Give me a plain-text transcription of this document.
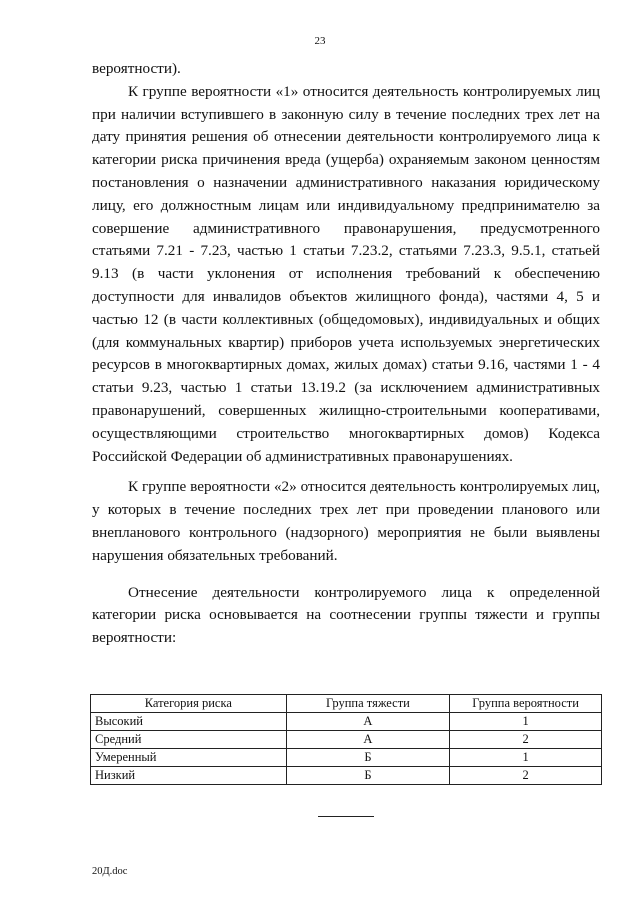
23

вероятности).

К группе вероятности «1» относится деятельность контролируемых лиц при наличии вступившего в законную силу в течение последних трех лет на дату принятия решения об отнесении деятельности контролируемого лица к категории риска причинения вреда (ущерба) охраняемым законом ценностям постановления о назначении административного наказания юридическому лицу, его должностным лицам или индивидуальному предпринимателю за совершение административного правонарушения, предусмотренного статьями 7.21 - 7.23, частью 1 статьи 7.23.2, статьями 7.23.3, 9.5.1, статьей 9.13 (в части уклонения от исполнения требований к обеспечению доступности для инвалидов объектов жилищного фонда), частями 4, 5 и частью 12 (в части коллективных (общедомовых), индивидуальных и общих (для коммунальных квартир) приборов учета используемых энергетических ресурсов в многоквартирных домах, жилых домах) статьи 9.16, частями 1 - 4 статьи 9.23, частью 1 статьи 13.19.2 (за исключением административных правонарушений, совершенных жилищно-строительными кооперативами, осуществляющими строительство многоквартирных домов) Кодекса Российской Федерации об административных правонарушениях.

К группе вероятности «2» относится деятельность контролируемых лиц, у которых в течение последних трех лет при проведении планового или внепланового контрольного (надзорного) мероприятия не были выявлены нарушения обязательных требований.

Отнесение деятельности контролируемого лица к определенной категории риска основывается на соотнесении группы тяжести и группы вероятности:

Категория риска	Группа тяжести	Группа вероятности
Высокий	А	1
Средний	А	2
Умеренный	Б	1
Низкий	Б	2
20Д.doc
